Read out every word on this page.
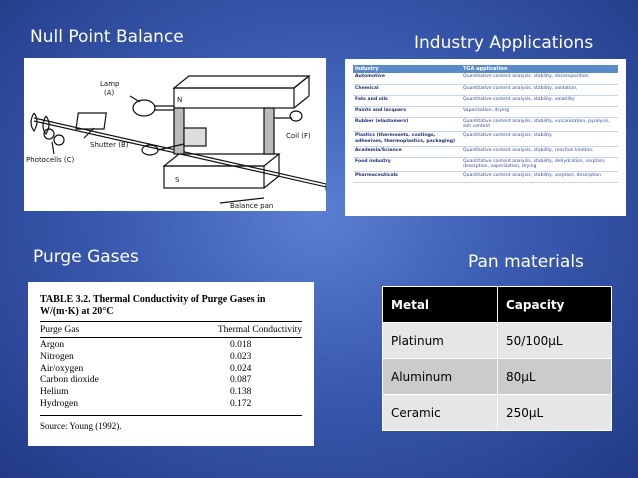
Null Point Balance	Industry Applications
Purge Gases	Pan materials
Lamp
(A)
Shutter (B)
Photocells (C)
Coil (F)
Balance pan
N
S
Industry	TGA application
Automotive	Quantitative content analysis, stability, decomposition
Chemical	Quantitative content analysis, stability, oxidation,
Fats and oils	Quantitative content analysis, stability, volatility
Paints and lacquers	Vaporization, drying
Rubber (elastomers)	Quantitative content analysis, stability, vulcanization, pyrolysis, ash content
Plastics (thermosets, coatings, adhesives, thermoplastics, packaging)	Quantitative content analysis, stability
Academia/Science	Quantitative content analysis, stability, reaction kinetics
Food industry	Quantitative content analysis, stability, dehydration, sorption, desorption, vaporization, drying
Pharmaceuticals	Quantitative content analysis, stability, sorption, desorption
TABLE 3.2. Thermal Conductivity of Purge Gases in W/(m·K) at 20°C
Purge Gas	Thermal Conductivity
Argon	0.018
Nitrogen	0.023
Air/oxygen	0.024
Carbon dioxide	0.087
Helium	0.138
Hydrogen	0.172
Source: Young (1992).
Metal	Capacity
Platinum	50/100µL
Aluminum	80µL
Ceramic	250µL
